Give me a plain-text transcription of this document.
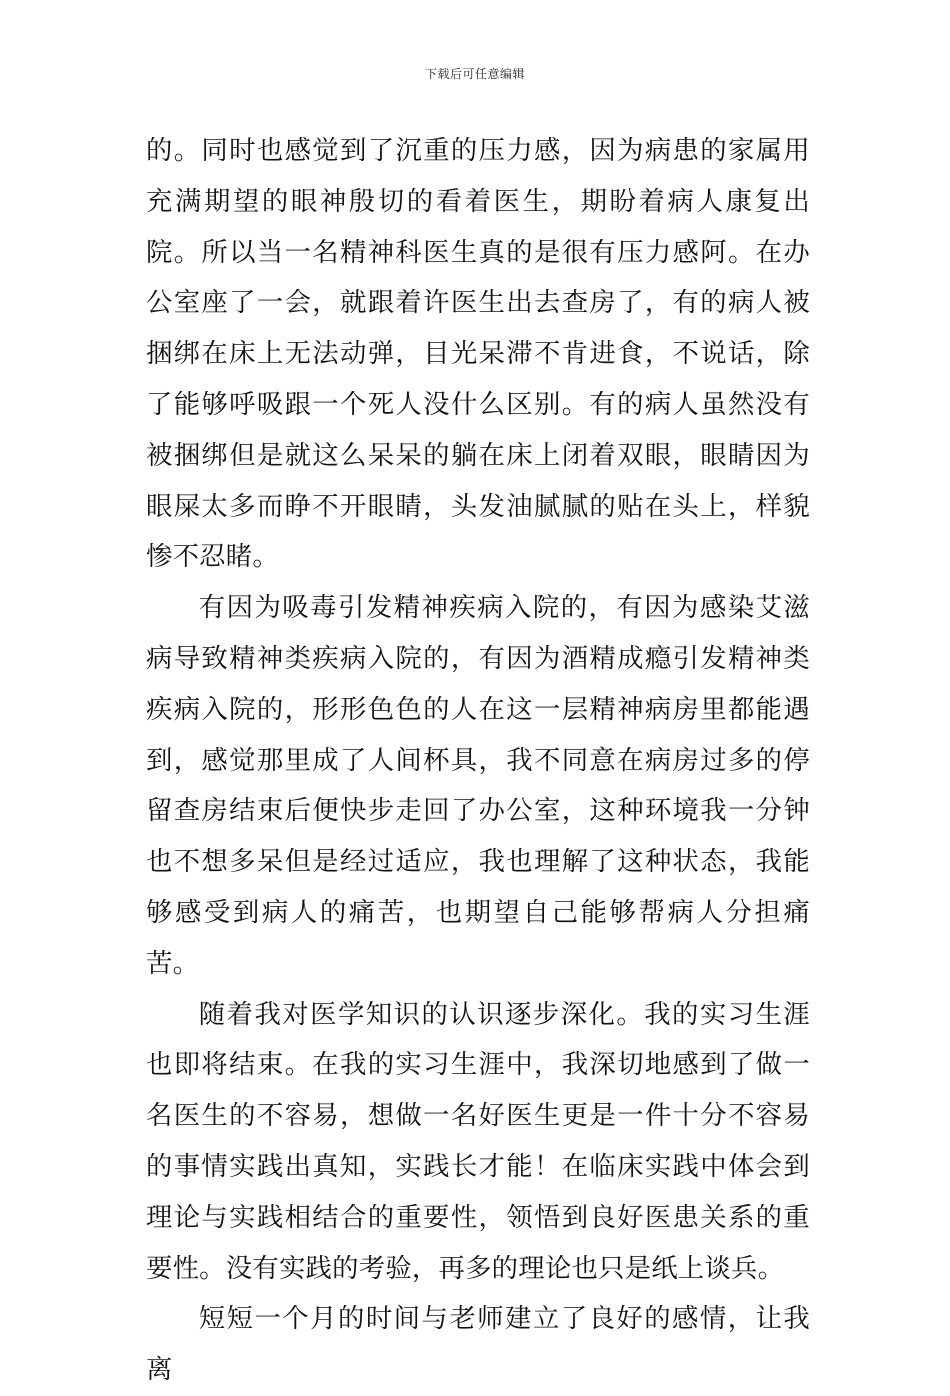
下载后可任意编辑

的。同时也感觉到了沉重的压力感，因为病患的家属用充满期望的眼神殷切的看着医生，期盼着病人康复出院。所以当一名精神科医生真的是很有压力感阿。在办公室座了一会，就跟着许医生出去查房了，有的病人被捆绑在床上无法动弹，目光呆滞不肯进食，不说话，除了能够呼吸跟一个死人没什么区别。有的病人虽然没有被捆绑但是就这么呆呆的躺在床上闭着双眼，眼睛因为眼屎太多而睁不开眼睛，头发油腻腻的贴在头上，样貌惨不忍睹。

有因为吸毒引发精神疾病入院的，有因为感染艾滋病导致精神类疾病入院的，有因为酒精成瘾引发精神类疾病入院的，形形色色的人在这一层精神病房里都能遇到，感觉那里成了人间杯具，我不同意在病房过多的停留查房结束后便快步走回了办公室，这种环境我一分钟也不想多呆但是经过适应，我也理解了这种状态，我能够感受到病人的痛苦，也期望自己能够帮病人分担痛苦。

随着我对医学知识的认识逐步深化。我的实习生涯也即将结束。在我的实习生涯中，我深切地感到了做一名医生的不容易，想做一名好医生更是一件十分不容易的事情实践出真知，实践长才能！在临床实践中体会到理论与实践相结合的重要性，领悟到良好医患关系的重要性。没有实践的考验，再多的理论也只是纸上谈兵。

短短一个月的时间与老师建立了良好的感情，让我离
